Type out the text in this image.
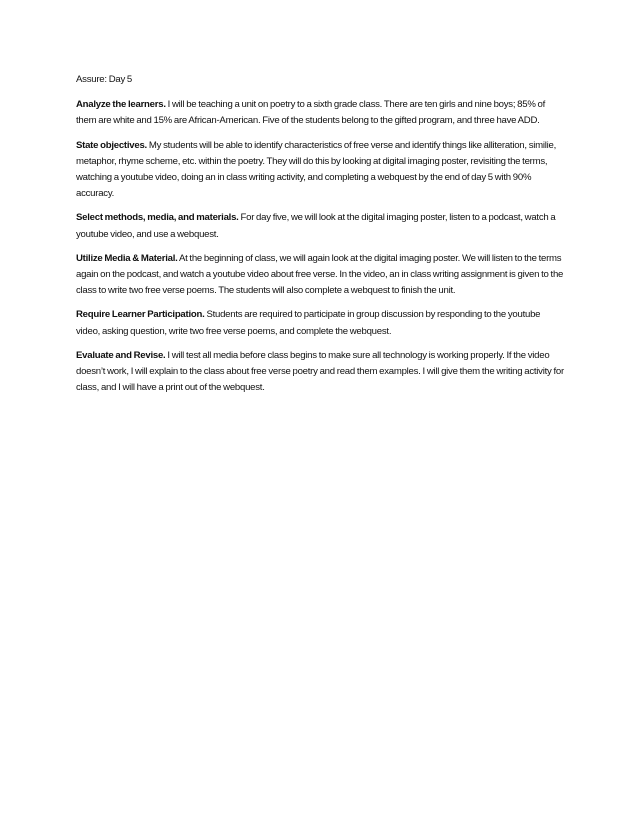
Assure: Day 5

Analyze the learners. I will be teaching a unit on poetry to a sixth grade class. There are ten girls and nine boys; 85% of them are white and 15% are African-American. Five of the students belong to the gifted program, and three have ADD.

State objectives. My students will be able to identify characteristics of free verse and identify things like alliteration, similie, metaphor, rhyme scheme, etc. within the poetry. They will do this by looking at digital imaging poster, revisiting the terms, watching a youtube video, doing an in class writing activity, and completing a webquest by the end of day 5 with 90% accuracy.

Select methods, media, and materials. For day five, we will look at the digital imaging poster, listen to a podcast, watch a youtube video, and use a webquest.

Utilize Media & Material. At the beginning of class, we will again look at the digital imaging poster. We will listen to the terms again on the podcast, and watch a youtube video about free verse. In the video, an in class writing assignment is given to the class to write two free verse poems. The students will also complete a webquest to finish the unit.

Require Learner Participation. Students are required to participate in group discussion by responding to the youtube video, asking question, write two free verse poems, and complete the webquest.

Evaluate and Revise. I will test all media before class begins to make sure all technology is working properly. If the video doesn’t work, I will explain to the class about free verse poetry and read them examples. I will give them the writing activity for class, and I will have a print out of the webquest.
